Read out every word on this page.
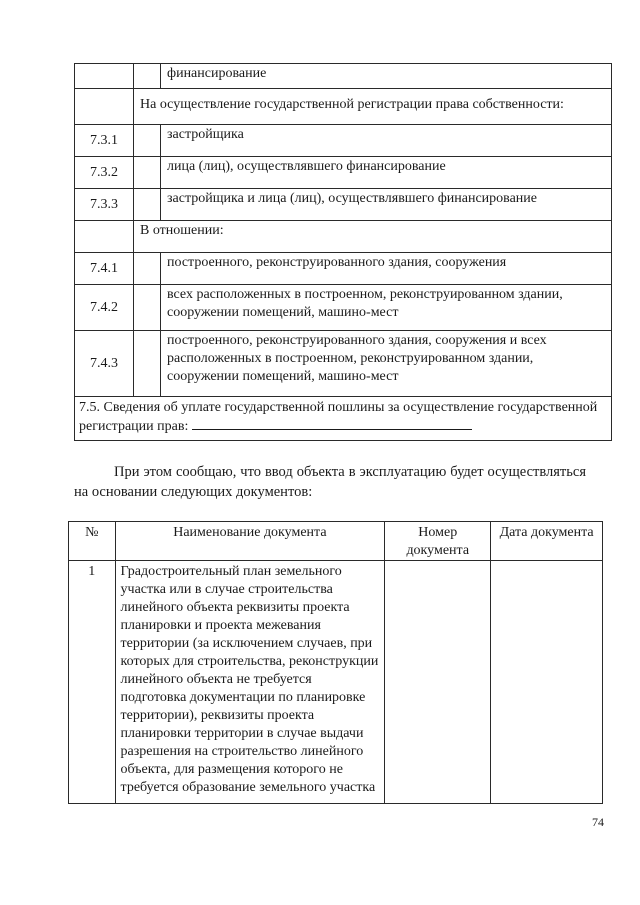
		финансирование
	На осуществление государственной регистрации права собственности:	
7.3.1		застройщика
7.3.2		лица (лиц), осуществлявшего финансирование
7.3.3		застройщика и лица (лиц), осуществлявшего финансирование
	В отношении:	
7.4.1		построенного, реконструированного здания, сооружения
7.4.2		всех расположенных в построенном, реконструированном здании, сооружении помещений, машино-мест
7.4.3		построенного, реконструированного здания, сооружения и всех расположенных в построенном, реконструированном здании, сооружении помещений, машино-мест
7.5. Сведения об уплате государственной пошлины за осуществление государственной регистрации прав:		
При этом сообщаю, что ввод объекта в эксплуатацию будет осуществляться на основании следующих документов:
№	Наименование документа	Номер документа	Дата документа
1	Градостроительный план земельного участка или в случае строительства линейного объекта реквизиты проекта планировки и проекта межевания территории (за исключением случаев, при которых для строительства, реконструкции линейного объекта не требуется подготовка документации по планировке территории), реквизиты проекта планировки территории в случае выдачи разрешения на строительство линейного объекта, для размещения которого не требуется образование земельного участка		
74
